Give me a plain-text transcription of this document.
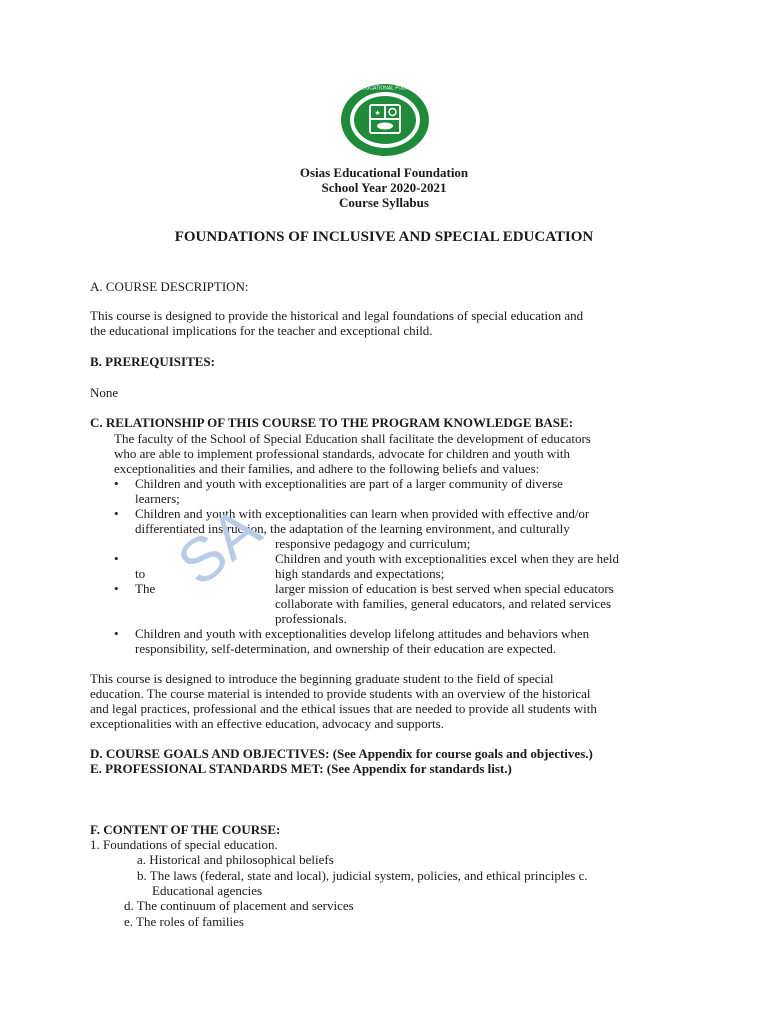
★
OSIAS EDUCATIONAL FOUNDATION
Osias Educational Foundation
School Year 2020-2021
Course Syllabus
FOUNDATIONS OF INCLUSIVE AND SPECIAL EDUCATION
A. COURSE DESCRIPTION:
This course is designed to provide the historical and legal foundations of special education and
the educational implications for the teacher and exceptional child.
B. PREREQUISITES:
None
C. RELATIONSHIP OF THIS COURSE TO THE PROGRAM KNOWLEDGE BASE:
The faculty of the School of Special Education shall facilitate the development of educators
who are able to implement professional standards, advocate for children and youth with
exceptionalities and their families, and adhere to the following beliefs and values:
• Children and youth with exceptionalities are part of a larger community of diverse
learners;
• Children and youth with exceptionalities can learn when provided with effective and/or
differentiated instruction, the adaptation of the learning environment, and culturally
responsive pedagogy and curriculum;
•	Children and youth with exceptionalities excel when they are held
to	high standards and expectations;
• The	larger mission of education is best served when special educators
collaborate with families, general educators, and related services
professionals.
• Children and youth with exceptionalities develop lifelong attitudes and behaviors when
responsibility, self-determination, and ownership of their education are expected.
This course is designed to introduce the beginning graduate student to the field of special
education. The course material is intended to provide students with an overview of the historical
and legal practices, professional and the ethical issues that are needed to provide all students with
exceptionalities with an effective education, advocacy and supports.
D. COURSE GOALS AND OBJECTIVES: (See Appendix for course goals and objectives.)
E. PROFESSIONAL STANDARDS MET: (See Appendix for standards list.)
F. CONTENT OF THE COURSE:
1. Foundations of special education.
a. Historical and philosophical beliefs
b. The laws (federal, state and local), judicial system, policies, and ethical principles c.
Educational agencies
d. The continuum of placement and services
e. The roles of families
SA
